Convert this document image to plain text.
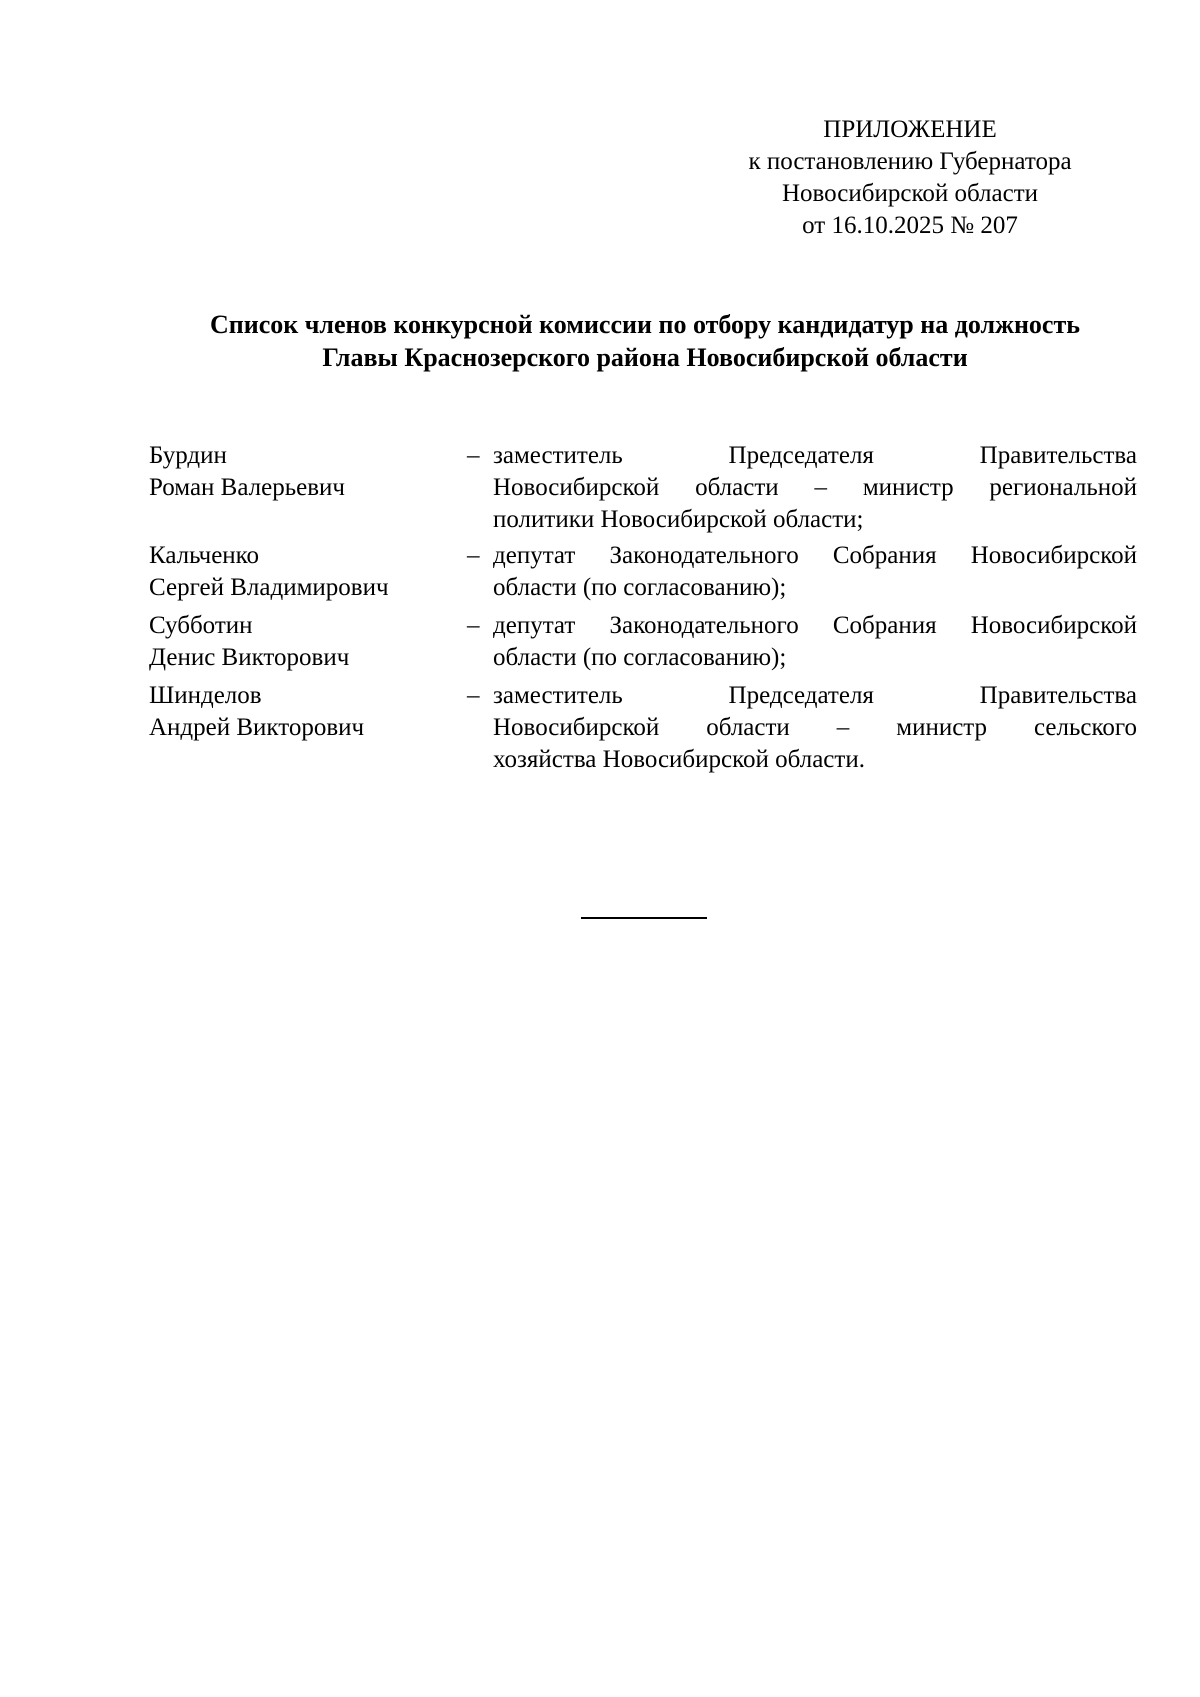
ПРИЛОЖЕНИЕ
к постановлению Губернатора
Новосибирской области
от 16.10.2025 № 207
Список членов конкурсной комиссии по отбору кандидатур на должность
Главы Краснозерского района Новосибирской области
Бурдин
Роман Валерьевич
– заместитель Председателя Правительства
Новосибирской области – министр региональной
политики Новосибирской области;
Кальченко
Сергей Владимирович
– депутат Законодательного Собрания Новосибирской
области (по согласованию);
Субботин
Денис Викторович
– депутат Законодательного Собрания Новосибирской
области (по согласованию);
Шинделов
Андрей Викторович
– заместитель Председателя Правительства
Новосибирской области – министр сельского
хозяйства Новосибирской области.
